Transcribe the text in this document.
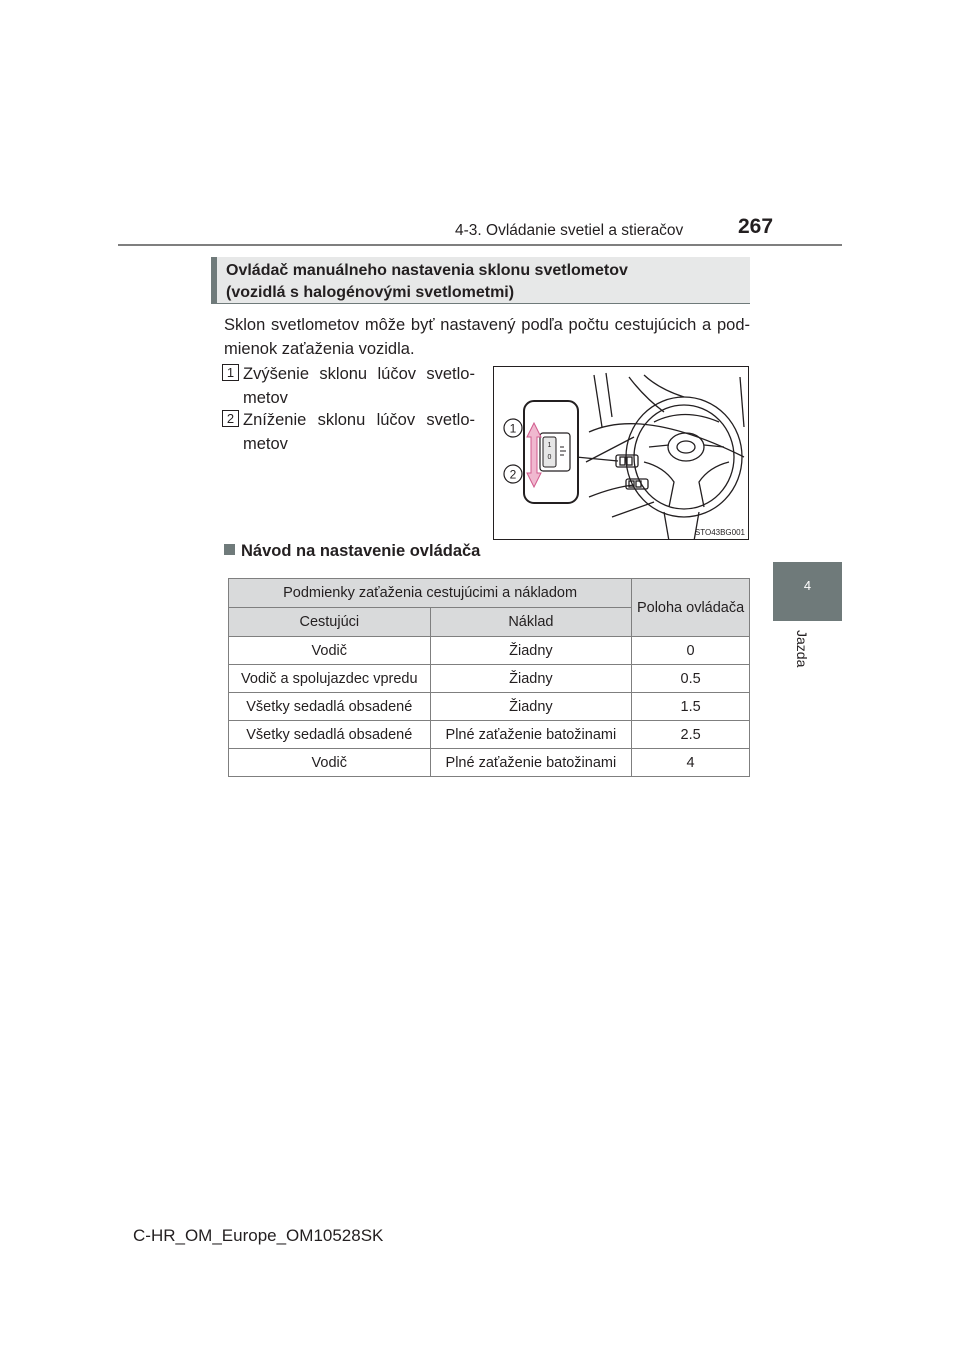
4-3. Ovládanie svetiel a stieračov	267
4
Jazda
Ovládač manuálneho nastavenia sklonu svetlometov
(vozidlá s halogénovými svetlometmi)
Sklon svetlometov môže byť nastavený podľa počtu cestujúcich a podmienok zaťaženia vozidla.
1 Zvýšenie sklonu lúčov svetlometov
2 Zníženie sklonu lúčov svetlometov	1
0
1
2
STO43BG001
Návod na nastavenie ovládača
Podmienky zaťaženia cestujúcimi a nákladom		Poloha ovládača
Cestujúci	Náklad	
Vodič	Žiadny	0
Vodič a spolujazdec vpredu	Žiadny	0.5
Všetky sedadlá obsadené	Žiadny	1.5
Všetky sedadlá obsadené	Plné zaťaženie batožinami	2.5
Vodič	Plné zaťaženie batožinami	4
C-HR_OM_Europe_OM10528SK
